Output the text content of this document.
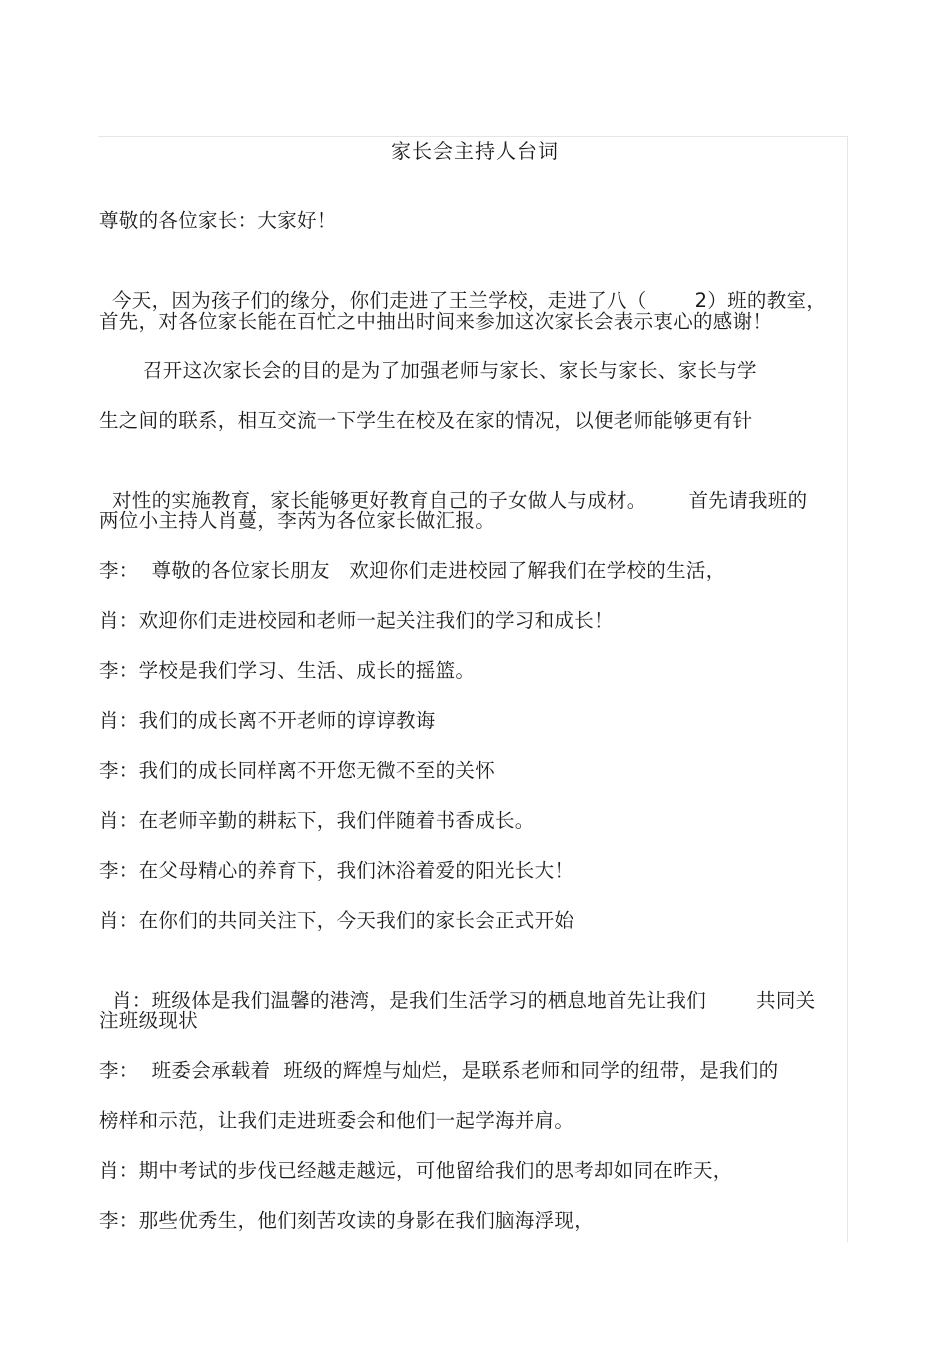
家长会主持人台词
尊敬的各位家长：大家好！

今天，因为孩子们的缘分，你们走进了王兰学校，走进了八（ 2）班的教室，

首先，对各位家长能在百忙之中抽出时间来参加这次家长会表示衷心的感谢！
召开这次家长会的目的是为了加强老师与家长、家长与家长、家长与学
生之间的联系，相互交流一下学生在校及在家的情况，以便老师能够更有针

对性的实施教育，家长能够更好教育自己的子女做人与成材。 首先请我班的

两位小主持人肖蔓，李芮为各位家长做汇报。
李：  尊敬的各位家长朋友   欢迎你们走进校园了解我们在学校的生活，
肖：欢迎你们走进校园和老师一起关注我们的学习和成长！
李：学校是我们学习、生活、成长的摇篮。
肖：我们的成长离不开老师的谆谆教诲
李：我们的成长同样离不开您无微不至的关怀
肖：在老师辛勤的耕耘下，我们伴随着书香成长。
李：在父母精心的养育下，我们沐浴着爱的阳光长大！
肖：在你们的共同关注下，今天我们的家长会正式开始

肖：班级体是我们温馨的港湾，是我们生活学习的栖息地首先让我们	共同关

注班级现状
李：  班委会承载着  班级的辉煌与灿烂，是联系老师和同学的纽带，是我们的
榜样和示范，让我们走进班委会和他们一起学海并肩。
肖：期中考试的步伐已经越走越远，可他留给我们的思考却如同在昨天，
李：那些优秀生，他们刻苦攻读的身影在我们脑海浮现，
